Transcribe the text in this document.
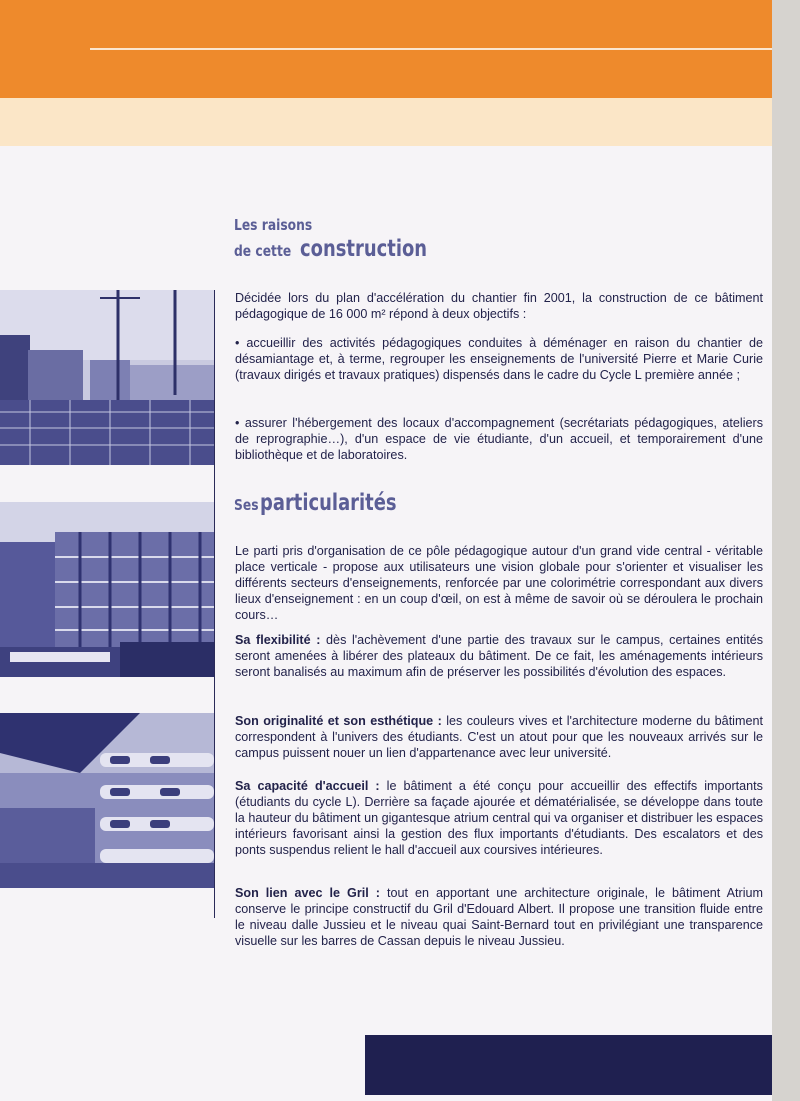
Les raisons
de cette construction

Décidée lors du plan d'accélération du chantier fin 2001, la construction de ce bâtiment pédagogique de 16 000 m² répond à deux objectifs :

• accueillir des activités pédagogiques conduites à déménager en raison du chantier de désamiantage et, à terme, regrouper les enseignements de l'université Pierre et Marie Curie (travaux dirigés et travaux pratiques) dispensés dans le cadre du Cycle L première année ;
• assurer l'hébergement des locaux d'accompagnement (secrétariats pédagogiques, ateliers de reprographie…), d'un espace de vie étudiante, d'un accueil, et temporairement d'une bibliothèque et de laboratoires.
Sesparticularités

Le parti pris d'organisation de ce pôle pédagogique autour d'un grand vide central - véritable place verticale - propose aux utilisateurs une vision globale pour s'orienter et visualiser les différents secteurs d'enseignements, renforcée par une colorimétrie correspondant aux divers lieux d'enseignement : en un coup d'œil, on est à même de savoir où se déroulera le prochain cours…

Sa flexibilité : dès l'achèvement d'une partie des travaux sur le campus, certaines entités seront amenées à libérer des plateaux du bâtiment. De ce fait, les aménagements intérieurs seront banalisés au maximum afin de préserver les possibilités d'évolution des espaces.

Son originalité et son esthétique : les couleurs vives et l'architecture moderne du bâtiment correspondent à l'univers des étudiants. C'est un atout pour que les nouveaux arrivés sur le campus puissent nouer un lien d'appartenance avec leur université.

Sa capacité d'accueil : le bâtiment a été conçu pour accueillir des effectifs importants (étudiants du cycle L). Derrière sa façade ajourée et dématérialisée, se développe dans toute la hauteur du bâtiment un gigantesque atrium central qui va organiser et distribuer les espaces intérieurs favorisant ainsi la gestion des flux importants d'étudiants. Des escalators et des ponts suspendus relient le hall d'accueil aux coursives intérieures.

Son lien avec le Gril : tout en apportant une architecture originale, le bâtiment Atrium conserve le principe constructif du Gril d'Edouard Albert. Il propose une transition fluide entre le niveau dalle Jussieu et le niveau quai Saint-Bernard tout en privilégiant une transparence visuelle sur les barres de Cassan depuis le niveau Jussieu.
